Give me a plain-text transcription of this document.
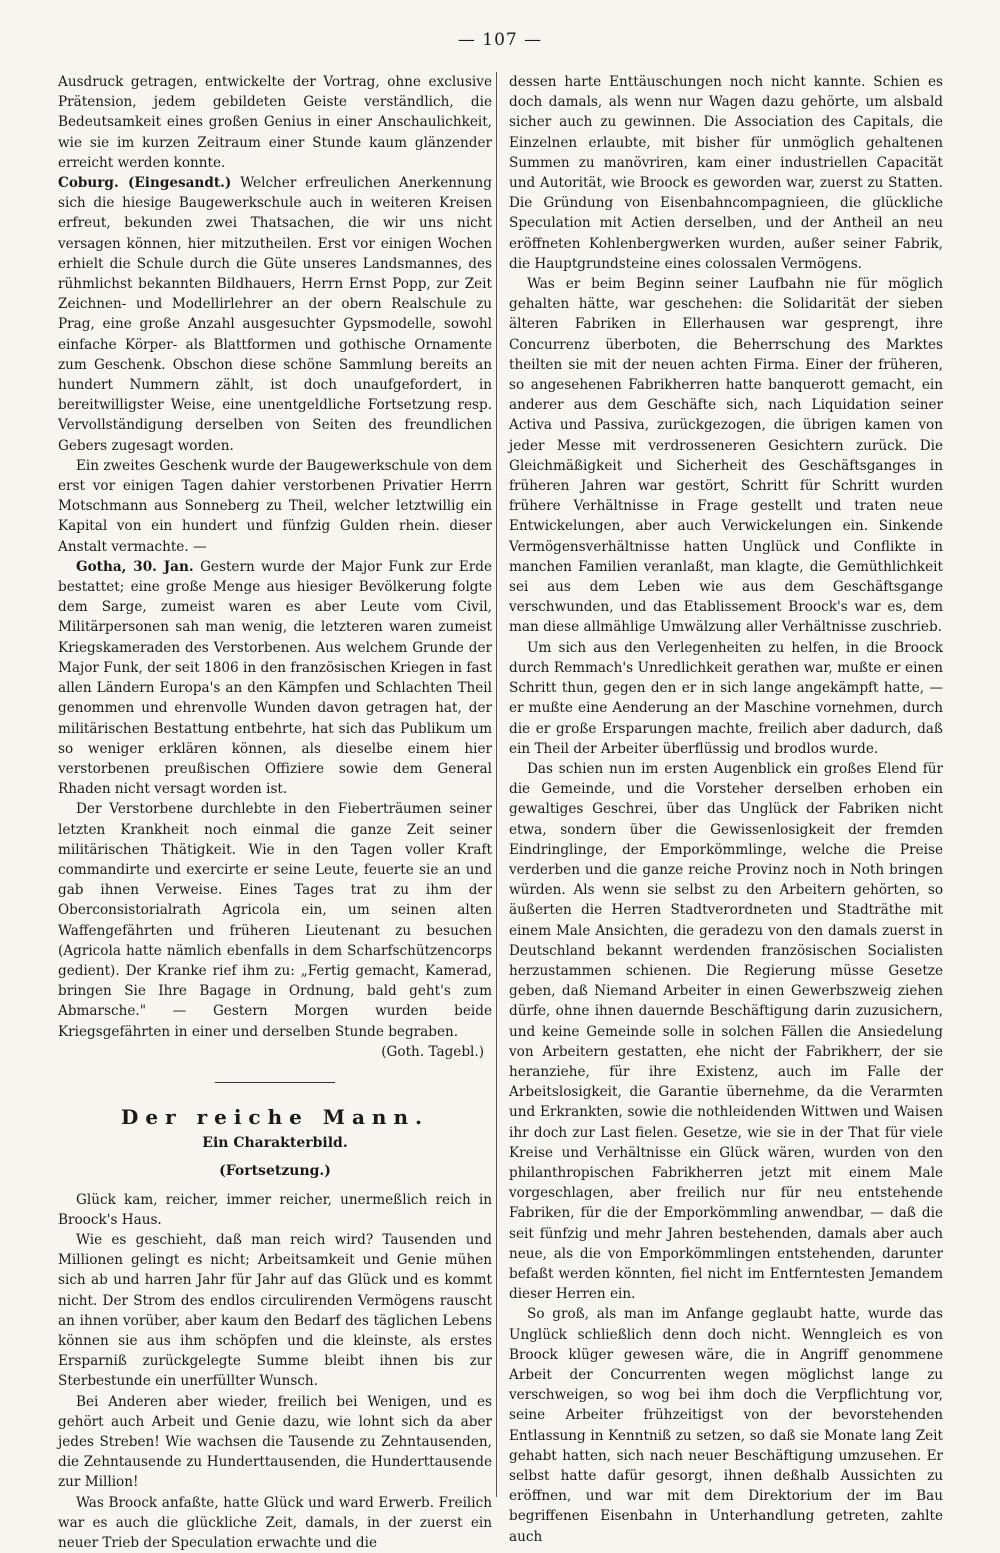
— 107 —

Ausdruck getragen, entwickelte der Vortrag, ohne exclusive Prätension, jedem gebildeten Geiste verständlich, die Bedeutsamkeit eines großen Genius in einer Anschaulichkeit, wie sie im kurzen Zeitraum einer Stunde kaum glänzender erreicht werden konnte.

Coburg. (Eingesandt.) Welcher erfreulichen Anerkennung sich die hiesige Baugewerkschule auch in weiteren Kreisen erfreut, bekunden zwei Thatsachen, die wir uns nicht versagen können, hier mitzutheilen. Erst vor einigen Wochen erhielt die Schule durch die Güte unseres Landsmannes, des rühmlichst bekannten Bildhauers, Herrn Ernst Popp, zur Zeit Zeichnen- und Modellirlehrer an der obern Realschule zu Prag, eine große Anzahl ausgesuchter Gypsmodelle, sowohl einfache Körper- als Blattformen und gothische Ornamente zum Geschenk. Obschon diese schöne Sammlung bereits an hundert Nummern zählt, ist doch unaufgefordert, in bereitwilligster Weise, eine unentgeldliche Fortsetzung resp. Vervollständigung derselben von Seiten des freundlichen Gebers zugesagt worden.

Ein zweites Geschenk wurde der Baugewerkschule von dem erst vor einigen Tagen dahier verstorbenen Privatier Herrn Motschmann aus Sonneberg zu Theil, welcher letztwillig ein Kapital von ein hundert und fünfzig Gulden rhein. dieser Anstalt vermachte. —

Gotha, 30. Jan. Gestern wurde der Major Funk zur Erde bestattet; eine große Menge aus hiesiger Bevölkerung folgte dem Sarge, zumeist waren es aber Leute vom Civil, Militärpersonen sah man wenig, die letzteren waren zumeist Kriegskameraden des Verstorbenen. Aus welchem Grunde der Major Funk, der seit 1806 in den französischen Kriegen in fast allen Ländern Europa's an den Kämpfen und Schlachten Theil genommen und ehrenvolle Wunden davon getragen hat, der militärischen Bestattung entbehrte, hat sich das Publikum um so weniger erklären können, als dieselbe einem hier verstorbenen preußischen Offiziere sowie dem General Rhaden nicht versagt worden ist.

Der Verstorbene durchlebte in den Fieberträumen seiner letzten Krankheit noch einmal die ganze Zeit seiner militärischen Thätigkeit. Wie in den Tagen voller Kraft commandirte und exercirte er seine Leute, feuerte sie an und gab ihnen Verweise. Eines Tages trat zu ihm der Oberconsistorialrath Agricola ein, um seinen alten Waffengefährten und früheren Lieutenant zu besuchen (Agricola hatte nämlich ebenfalls in dem Scharfschützencorps gedient). Der Kranke rief ihm zu: „Fertig gemacht, Kamerad, bringen Sie Ihre Bagage in Ordnung, bald geht's zum Abmarsche." — Gestern Morgen wurden beide Kriegsgefährten in einer und derselben Stunde begraben.

(Goth. Tagebl.)

Der reiche Mann.
Ein Charakterbild.
(Fortsetzung.)

Glück kam, reicher, immer reicher, unermeßlich reich in Broock's Haus.

Wie es geschieht, daß man reich wird? Tausenden und Millionen gelingt es nicht; Arbeitsamkeit und Genie mühen sich ab und harren Jahr für Jahr auf das Glück und es kommt nicht. Der Strom des endlos circulirenden Vermögens rauscht an ihnen vorüber, aber kaum den Bedarf des täglichen Lebens können sie aus ihm schöpfen und die kleinste, als erstes Ersparniß zurückgelegte Summe bleibt ihnen bis zur Sterbestunde ein unerfüllter Wunsch.

Bei Anderen aber wieder, freilich bei Wenigen, und es gehört auch Arbeit und Genie dazu, wie lohnt sich da aber jedes Streben! Wie wachsen die Tausende zu Zehntausenden, die Zehntausende zu Hunderttausenden, die Hunderttausende zur Million!

Was Broock anfaßte, hatte Glück und ward Erwerb. Freilich war es auch die glückliche Zeit, damals, in der zuerst ein neuer Trieb der Speculation erwachte und die

dessen harte Enttäuschungen noch nicht kannte. Schien es doch damals, als wenn nur Wagen dazu gehörte, um alsbald sicher auch zu gewinnen. Die Association des Capitals, die Einzelnen erlaubte, mit bisher für unmöglich gehaltenen Summen zu manövriren, kam einer industriellen Capacität und Autorität, wie Broock es geworden war, zuerst zu Statten. Die Gründung von Eisenbahncompagnieen, die glückliche Speculation mit Actien derselben, und der Antheil an neu eröffneten Kohlenbergwerken wurden, außer seiner Fabrik, die Hauptgrundsteine eines colossalen Vermögens.

Was er beim Beginn seiner Laufbahn nie für möglich gehalten hätte, war geschehen: die Solidarität der sieben älteren Fabriken in Ellerhausen war gesprengt, ihre Concurrenz überboten, die Beherrschung des Marktes theilten sie mit der neuen achten Firma. Einer der früheren, so angesehenen Fabrikherren hatte banquerott gemacht, ein anderer aus dem Geschäfte sich, nach Liquidation seiner Activa und Passiva, zurückgezogen, die übrigen kamen von jeder Messe mit verdrosseneren Gesichtern zurück. Die Gleichmäßigkeit und Sicherheit des Geschäftsganges in früheren Jahren war gestört, Schritt für Schritt wurden frühere Verhältnisse in Frage gestellt und traten neue Entwickelungen, aber auch Verwickelungen ein. Sinkende Vermögensverhältnisse hatten Unglück und Conflikte in manchen Familien veranlaßt, man klagte, die Gemüthlichkeit sei aus dem Leben wie aus dem Geschäftsgange verschwunden, und das Etablissement Broock's war es, dem man diese allmählige Umwälzung aller Verhältnisse zuschrieb.

Um sich aus den Verlegenheiten zu helfen, in die Broock durch Remmach's Unredlichkeit gerathen war, mußte er einen Schritt thun, gegen den er in sich lange angekämpft hatte, — er mußte eine Aenderung an der Maschine vornehmen, durch die er große Ersparungen machte, freilich aber dadurch, daß ein Theil der Arbeiter überflüssig und brodlos wurde.

Das schien nun im ersten Augenblick ein großes Elend für die Gemeinde, und die Vorsteher derselben erhoben ein gewaltiges Geschrei, über das Unglück der Fabriken nicht etwa, sondern über die Gewissenlosigkeit der fremden Eindringlinge, der Emporkömmlinge, welche die Preise verderben und die ganze reiche Provinz noch in Noth bringen würden. Als wenn sie selbst zu den Arbeitern gehörten, so äußerten die Herren Stadtverordneten und Stadträthe mit einem Male Ansichten, die geradezu von den damals zuerst in Deutschland bekannt werdenden französischen Socialisten herzustammen schienen. Die Regierung müsse Gesetze geben, daß Niemand Arbeiter in einen Gewerbszweig ziehen dürfe, ohne ihnen dauernde Beschäftigung darin zuzusichern, und keine Gemeinde solle in solchen Fällen die Ansiedelung von Arbeitern gestatten, ehe nicht der Fabrikherr, der sie heranziehe, für ihre Existenz, auch im Falle der Arbeitslosigkeit, die Garantie übernehme, da die Verarmten und Erkrankten, sowie die nothleidenden Wittwen und Waisen ihr doch zur Last fielen. Gesetze, wie sie in der That für viele Kreise und Verhältnisse ein Glück wären, wurden von den philanthropischen Fabrikherren jetzt mit einem Male vorgeschlagen, aber freilich nur für neu entstehende Fabriken, für die der Emporkömmling anwendbar, — daß die seit fünfzig und mehr Jahren bestehenden, damals aber auch neue, als die von Emporkömmlingen entstehenden, darunter befaßt werden könnten, fiel nicht im Entferntesten Jemandem dieser Herren ein.

So groß, als man im Anfange geglaubt hatte, wurde das Unglück schließlich denn doch nicht. Wenngleich es von Broock klüger gewesen wäre, die in Angriff genommene Arbeit der Concurrenten wegen möglichst lange zu verschweigen, so wog bei ihm doch die Verpflichtung vor, seine Arbeiter frühzeitigst von der bevorstehenden Entlassung in Kenntniß zu setzen, so daß sie Monate lang Zeit gehabt hatten, sich nach neuer Beschäftigung umzusehen. Er selbst hatte dafür gesorgt, ihnen deßhalb Aussichten zu eröffnen, und war mit dem Direktorium der im Bau begriffenen Eisenbahn in Unterhandlung getreten, zahlte auch
